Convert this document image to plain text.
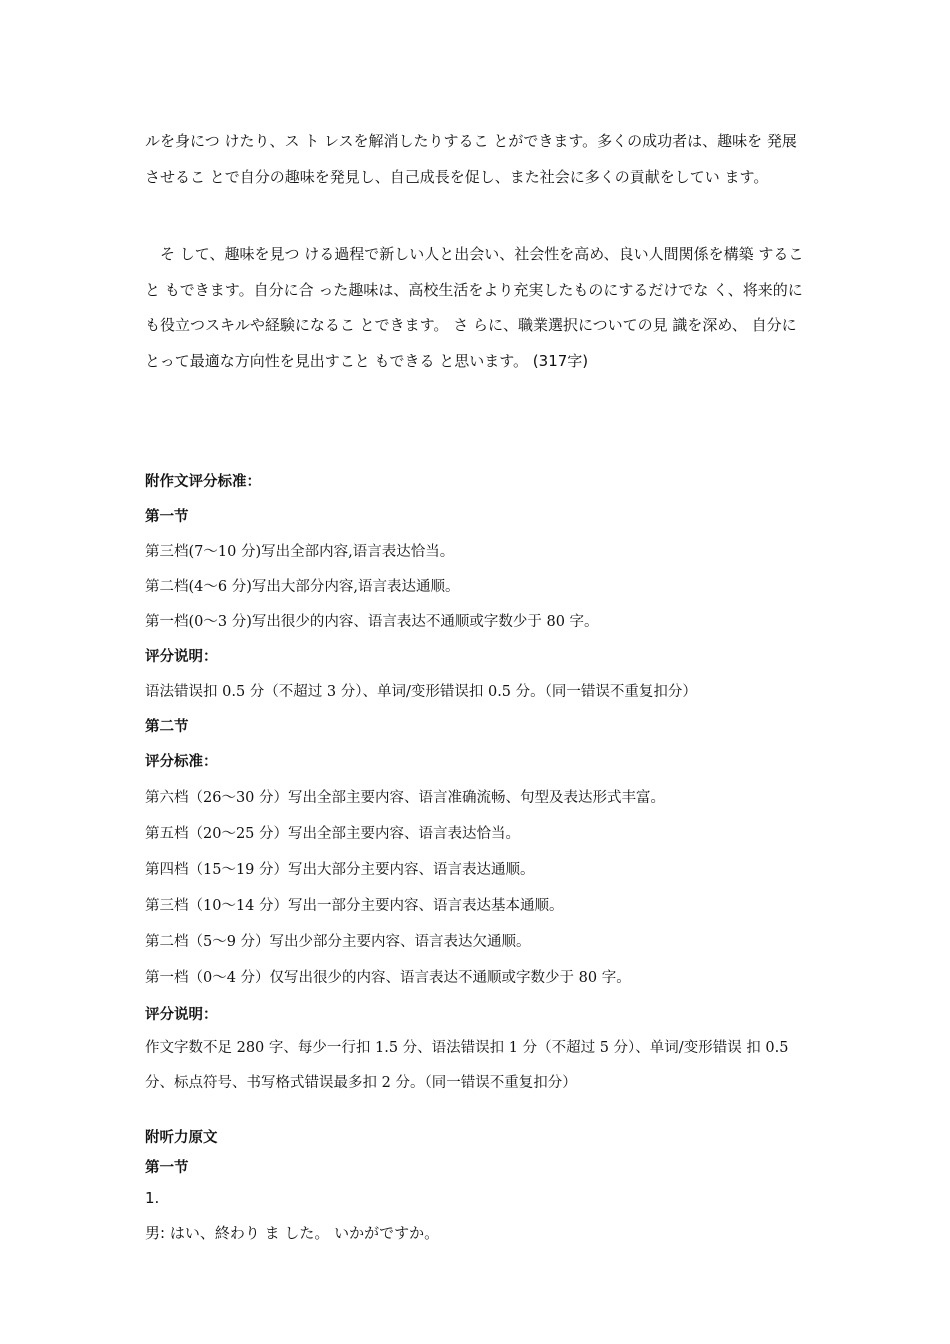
ルを身につ けたり、ス ト レスを解消したりするこ とができます。多くの成功者は、趣味を 発展させるこ とで自分の趣味を発見し、自己成長を促し、また社会に多くの貢献をしてい ます。
　そ して、趣味を見つ ける過程で新しい人と出会い、社会性を高め、良い人間関係を構築 するこ と もできます。自分に合 った趣味は、高校生活をより充実したものにするだけでな く、将来的にも役立つスキルや経験になるこ とできます。 さ らに、職業選択についての見 識を深め、 自分にとって最適な方向性を見出すこと もできる と思います。 (317字)
附作文评分标准：
第一节
第三档(7～10 分)写出全部内容,语言表达恰当。
第二档(4～6 分)写出大部分内容,语言表达通顺。
第一档(0～3 分)写出很少的内容、语言表达不通顺或字数少于 80 字。
评分说明：
语法错误扣 0.5 分（不超过 3 分）、单词/变形错误扣 0.5 分。（同一错误不重复扣分）
第二节
评分标准：
第六档（26～30 分）写出全部主要内容、语言准确流畅、句型及表达形式丰富。
第五档（20～25 分）写出全部主要内容、语言表达恰当。
第四档（15～19 分）写出大部分主要内容、语言表达通顺。
第三档（10～14 分）写出一部分主要内容、语言表达基本通顺。
第二档（5～9 分）写出少部分主要内容、语言表达欠通顺。
第一档（0～4 分）仅写出很少的内容、语言表达不通顺或字数少于 80 字。
评分说明：
作文字数不足 280 字、每少一行扣 1.5 分、语法错误扣 1 分（不超过 5 分）、单词/变形错误 扣 0.5 分、标点符号、书写格式错误最多扣 2 分。（同一错误不重复扣分）
附听力原文
第一节
1.
男: はい、終わり ま した。 いかがですか。
